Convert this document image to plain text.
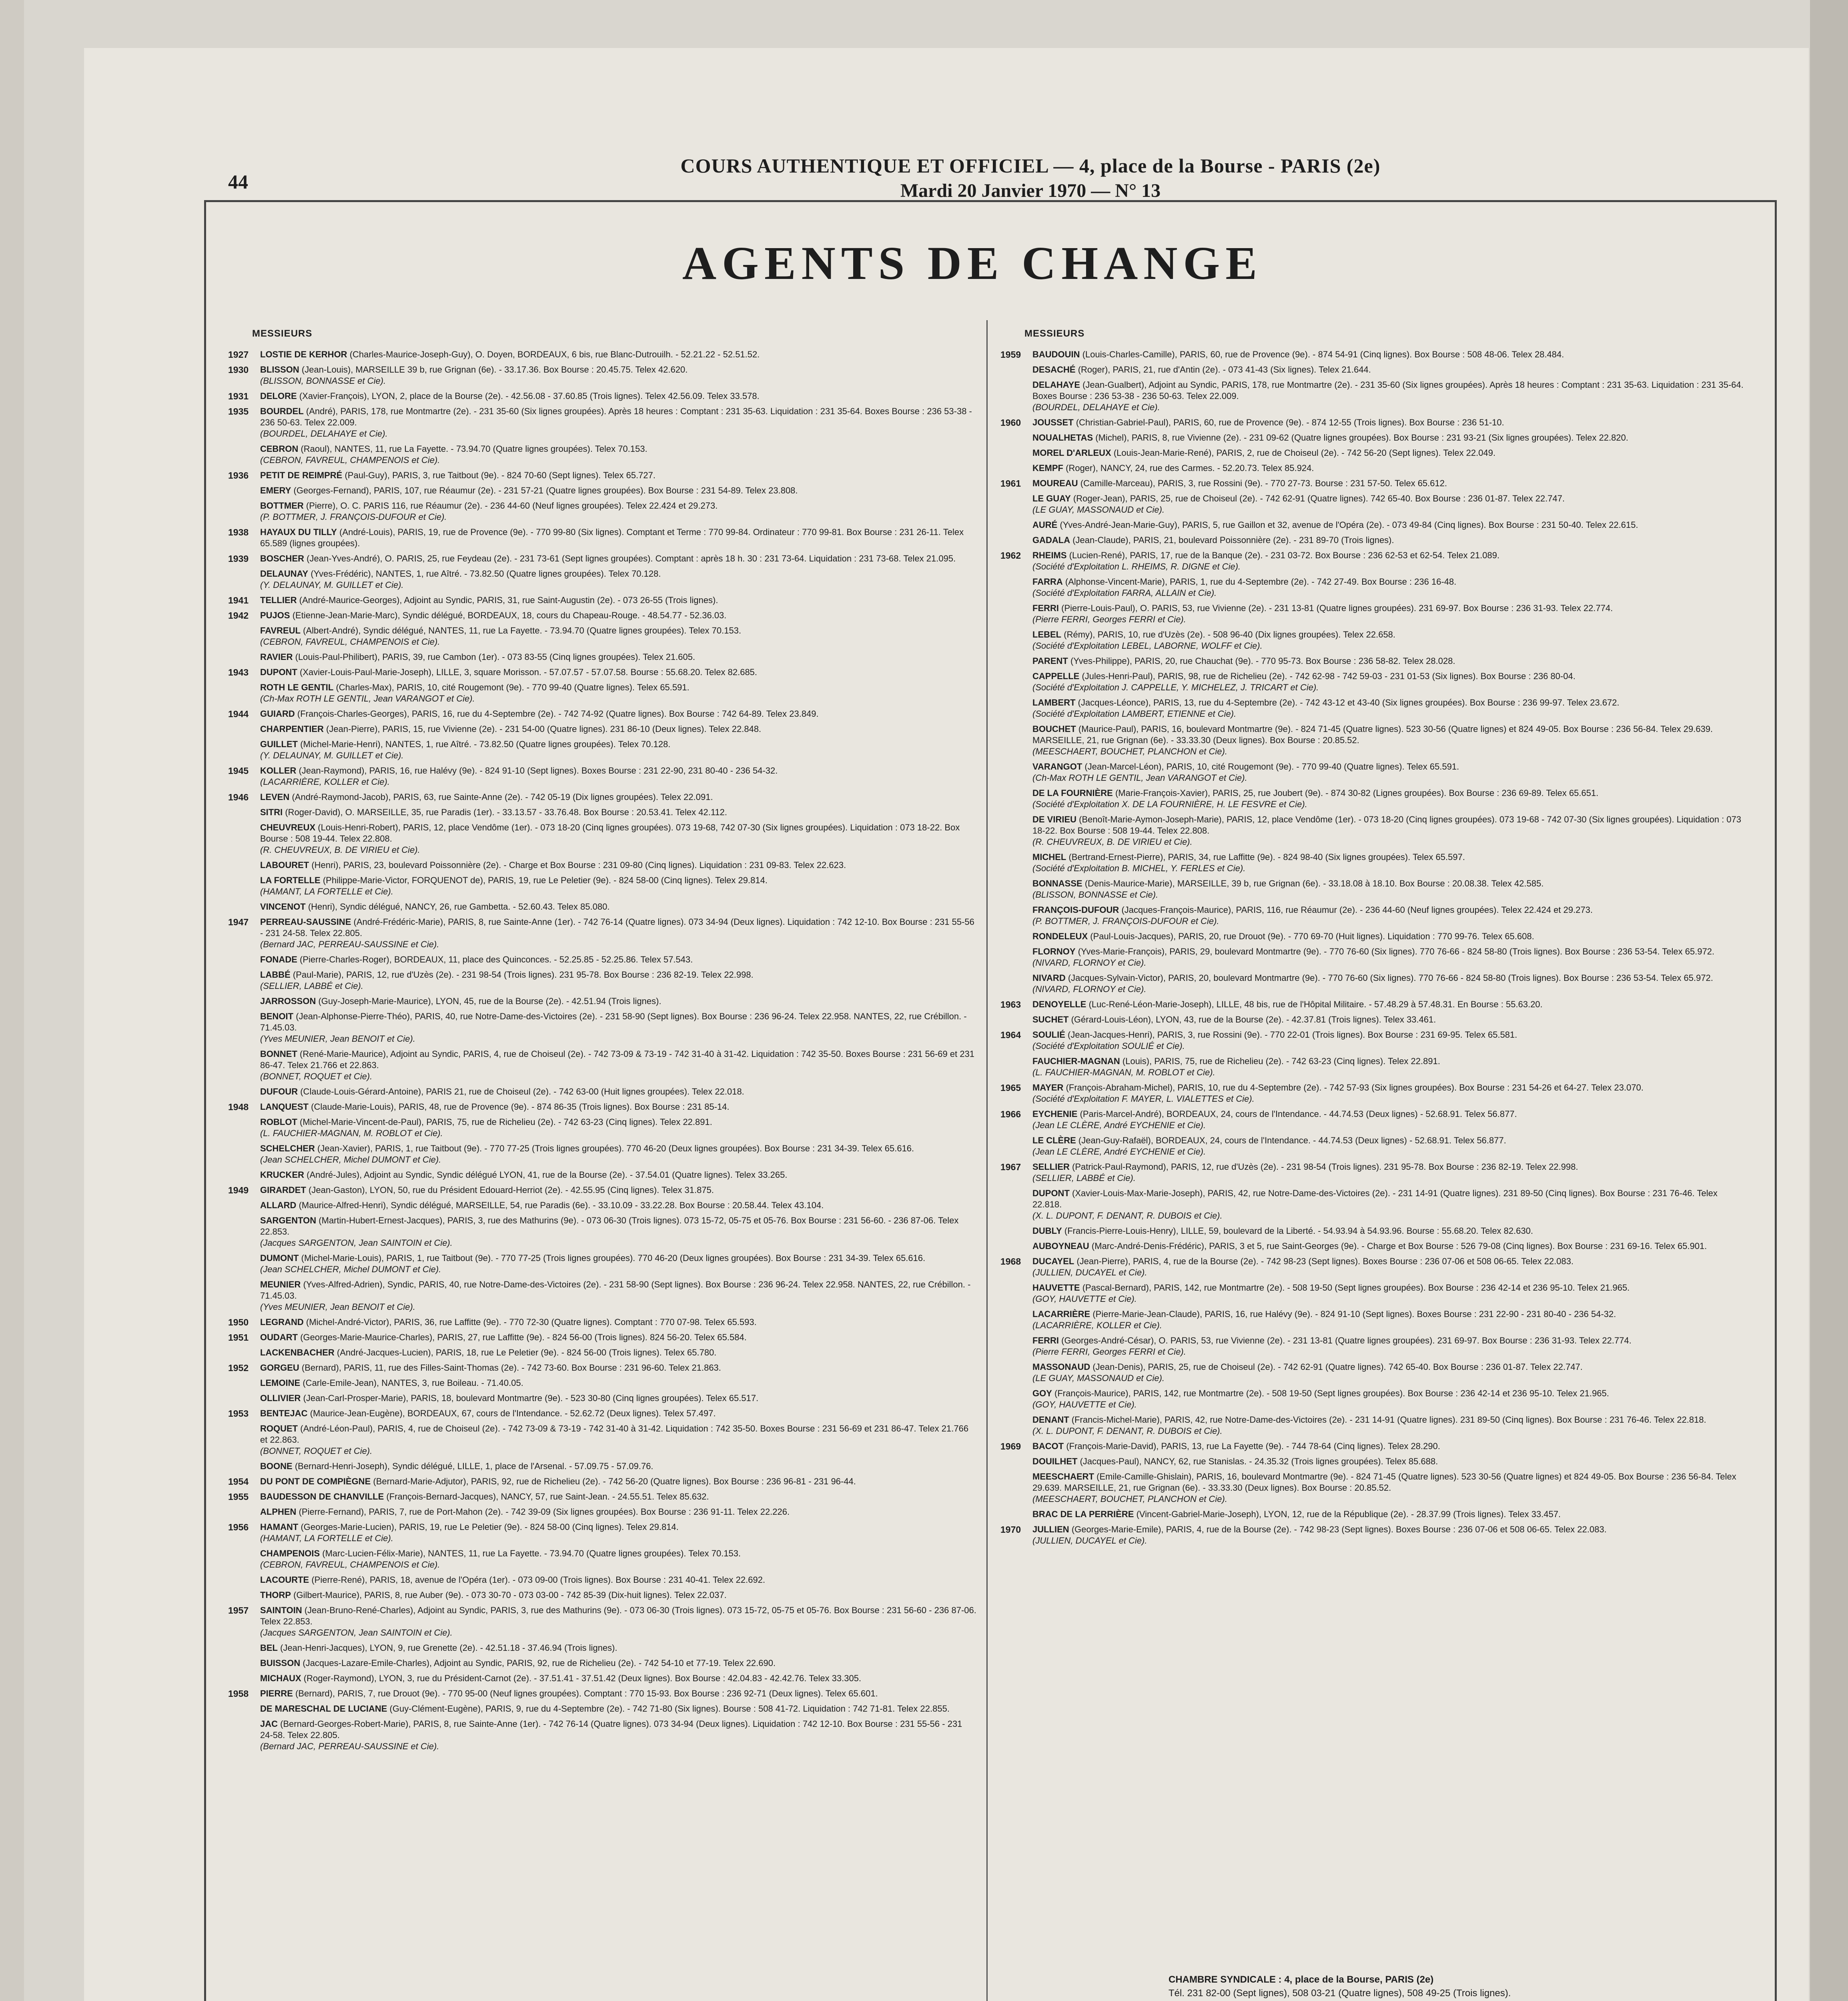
44
COURS AUTHENTIQUE ET OFFICIEL — 4, place de la Bourse - PARIS (2e)
Mardi 20 Janvier 1970 — N° 13
AGENTS DE CHANGE
MESSIEURS
1927	LOSTIE DE KERHOR (Charles-Maurice-Joseph-Guy), O. Doyen, BORDEAUX, 6 bis, rue Blanc-Dutrouilh. - 52.21.22 - 52.51.52.
1930	BLISSON (Jean-Louis), MARSEILLE 39 b, rue Grignan (6e). - 33.17.36. Box Bourse : 20.45.75. Telex 42.620.
(BLISSON, BONNASSE et Cie).
1931	DELORE (Xavier-François), LYON, 2, place de la Bourse (2e). - 42.56.08 - 37.60.85 (Trois lignes). Telex 42.56.09. Telex 33.578.
1935	BOURDEL (André), PARIS, 178, rue Montmartre (2e). - 231 35-60 (Six lignes groupées). Après 18 heures : Comptant : 231 35-63. Liquidation : 231 35-64. Boxes Bourse : 236 53-38 - 236 50-63. Telex 22.009.
(BOURDEL, DELAHAYE et Cie).
CEBRON (Raoul), NANTES, 11, rue La Fayette. - 73.94.70 (Quatre lignes groupées). Telex 70.153.
(CEBRON, FAVREUL, CHAMPENOIS et Cie).
1936	PETIT DE REIMPRÉ (Paul-Guy), PARIS, 3, rue Taitbout (9e). - 824 70-60 (Sept lignes). Telex 65.727.
EMERY (Georges-Fernand), PARIS, 107, rue Réaumur (2e). - 231 57-21 (Quatre lignes groupées). Box Bourse : 231 54-89. Telex 23.808.
BOTTMER (Pierre), O. C. PARIS 116, rue Réaumur (2e). - 236 44-60 (Neuf lignes groupées). Telex 22.424 et 29.273.
(P. BOTTMER, J. FRANÇOIS-DUFOUR et Cie).
1938	HAYAUX DU TILLY (André-Louis), PARIS, 19, rue de Provence (9e). - 770 99-80 (Six lignes). Comptant et Terme : 770 99-84. Ordinateur : 770 99-81. Box Bourse : 231 26-11. Telex 65.589 (lignes groupées).
1939	BOSCHER (Jean-Yves-André), O. PARIS, 25, rue Feydeau (2e). - 231 73-61 (Sept lignes groupées). Comptant : après 18 h. 30 : 231 73-64. Liquidation : 231 73-68. Telex 21.095.
DELAUNAY (Yves-Frédéric), NANTES, 1, rue Aîtré. - 73.82.50 (Quatre lignes groupées). Telex 70.128.
(Y. DELAUNAY, M. GUILLET et Cie).
1941	TELLIER (André-Maurice-Georges), Adjoint au Syndic, PARIS, 31, rue Saint-Augustin (2e). - 073 26-55 (Trois lignes).
1942	PUJOS (Etienne-Jean-Marie-Marc), Syndic délégué, BORDEAUX, 18, cours du Chapeau-Rouge. - 48.54.77 - 52.36.03.
FAVREUL (Albert-André), Syndic délégué, NANTES, 11, rue La Fayette. - 73.94.70 (Quatre lignes groupées). Telex 70.153.
(CEBRON, FAVREUL, CHAMPENOIS et Cie).
RAVIER (Louis-Paul-Philibert), PARIS, 39, rue Cambon (1er). - 073 83-55 (Cinq lignes groupées). Telex 21.605.
1943	DUPONT (Xavier-Louis-Paul-Marie-Joseph), LILLE, 3, square Morisson. - 57.07.57 - 57.07.58. Bourse : 55.68.20. Telex 82.685.
ROTH LE GENTIL (Charles-Max), PARIS, 10, cité Rougemont (9e). - 770 99-40 (Quatre lignes). Telex 65.591.
(Ch-Max ROTH LE GENTIL, Jean VARANGOT et Cie).
1944	GUIARD (François-Charles-Georges), PARIS, 16, rue du 4-Septembre (2e). - 742 74-92 (Quatre lignes). Box Bourse : 742 64-89. Telex 23.849.
CHARPENTIER (Jean-Pierre), PARIS, 15, rue Vivienne (2e). - 231 54-00 (Quatre lignes). 231 86-10 (Deux lignes). Telex 22.848.
GUILLET (Michel-Marie-Henri), NANTES, 1, rue Aîtré. - 73.82.50 (Quatre lignes groupées). Telex 70.128.
(Y. DELAUNAY, M. GUILLET et Cie).
1945	KOLLER (Jean-Raymond), PARIS, 16, rue Halévy (9e). - 824 91-10 (Sept lignes). Boxes Bourse : 231 22-90, 231 80-40 - 236 54-32.
(LACARRIÈRE, KOLLER et Cie).
1946	LEVEN (André-Raymond-Jacob), PARIS, 63, rue Sainte-Anne (2e). - 742 05-19 (Dix lignes groupées). Telex 22.091.
SITRI (Roger-David), O. MARSEILLE, 35, rue Paradis (1er). - 33.13.57 - 33.76.48. Box Bourse : 20.53.41. Telex 42.112.
CHEUVREUX (Louis-Henri-Robert), PARIS, 12, place Vendôme (1er). - 073 18-20 (Cinq lignes groupées). 073 19-68, 742 07-30 (Six lignes groupées). Liquidation : 073 18-22. Box Bourse : 508 19-44. Telex 22.808.
(R. CHEUVREUX, B. DE VIRIEU et Cie).
LABOURET (Henri), PARIS, 23, boulevard Poissonnière (2e). - Charge et Box Bourse : 231 09-80 (Cinq lignes). Liquidation : 231 09-83. Telex 22.623.
LA FORTELLE (Philippe-Marie-Victor, FORQUENOT de), PARIS, 19, rue Le Peletier (9e). - 824 58-00 (Cinq lignes). Telex 29.814.
(HAMANT, LA FORTELLE et Cie).
VINCENOT (Henri), Syndic délégué, NANCY, 26, rue Gambetta. - 52.60.43. Telex 85.080.
1947	PERREAU-SAUSSINE (André-Frédéric-Marie), PARIS, 8, rue Sainte-Anne (1er). - 742 76-14 (Quatre lignes). 073 34-94 (Deux lignes). Liquidation : 742 12-10. Box Bourse : 231 55-56 - 231 24-58. Telex 22.805.
(Bernard JAC, PERREAU-SAUSSINE et Cie).
FONADE (Pierre-Charles-Roger), BORDEAUX, 11, place des Quinconces. - 52.25.85 - 52.25.86. Telex 57.543.
LABBÉ (Paul-Marie), PARIS, 12, rue d'Uzès (2e). - 231 98-54 (Trois lignes). 231 95-78. Box Bourse : 236 82-19. Telex 22.998.
(SELLIER, LABBÉ et Cie).
JARROSSON (Guy-Joseph-Marie-Maurice), LYON, 45, rue de la Bourse (2e). - 42.51.94 (Trois lignes).
BENOIT (Jean-Alphonse-Pierre-Théo), PARIS, 40, rue Notre-Dame-des-Victoires (2e). - 231 58-90 (Sept lignes). Box Bourse : 236 96-24. Telex 22.958. NANTES, 22, rue Crébillon. - 71.45.03.
(Yves MEUNIER, Jean BENOIT et Cie).
BONNET (René-Marie-Maurice), Adjoint au Syndic, PARIS, 4, rue de Choiseul (2e). - 742 73-09 & 73-19 - 742 31-40 à 31-42. Liquidation : 742 35-50. Boxes Bourse : 231 56-69 et 231 86-47. Telex 21.766 et 22.863.
(BONNET, ROQUET et Cie).
DUFOUR (Claude-Louis-Gérard-Antoine), PARIS 21, rue de Choiseul (2e). - 742 63-00 (Huit lignes groupées). Telex 22.018.
1948	LANQUEST (Claude-Marie-Louis), PARIS, 48, rue de Provence (9e). - 874 86-35 (Trois lignes). Box Bourse : 231 85-14.
ROBLOT (Michel-Marie-Vincent-de-Paul), PARIS, 75, rue de Richelieu (2e). - 742 63-23 (Cinq lignes). Telex 22.891.
(L. FAUCHIER-MAGNAN, M. ROBLOT et Cie).
SCHELCHER (Jean-Xavier), PARIS, 1, rue Taitbout (9e). - 770 77-25 (Trois lignes groupées). 770 46-20 (Deux lignes groupées). Box Bourse : 231 34-39. Telex 65.616.
(Jean SCHELCHER, Michel DUMONT et Cie).
KRUCKER (André-Jules), Adjoint au Syndic, Syndic délégué LYON, 41, rue de la Bourse (2e). - 37.54.01 (Quatre lignes). Telex 33.265.
1949	GIRARDET (Jean-Gaston), LYON, 50, rue du Président Edouard-Herriot (2e). - 42.55.95 (Cinq lignes). Telex 31.875.
ALLARD (Maurice-Alfred-Henri), Syndic délégué, MARSEILLE, 54, rue Paradis (6e). - 33.10.09 - 33.22.28. Box Bourse : 20.58.44. Telex 43.104.
SARGENTON (Martin-Hubert-Ernest-Jacques), PARIS, 3, rue des Mathurins (9e). - 073 06-30 (Trois lignes). 073 15-72, 05-75 et 05-76. Box Bourse : 231 56-60. - 236 87-06. Telex 22.853.
(Jacques SARGENTON, Jean SAINTOIN et Cie).
DUMONT (Michel-Marie-Louis), PARIS, 1, rue Taitbout (9e). - 770 77-25 (Trois lignes groupées). 770 46-20 (Deux lignes groupées). Box Bourse : 231 34-39. Telex 65.616.
(Jean SCHELCHER, Michel DUMONT et Cie).
MEUNIER (Yves-Alfred-Adrien), Syndic, PARIS, 40, rue Notre-Dame-des-Victoires (2e). - 231 58-90 (Sept lignes). Box Bourse : 236 96-24. Telex 22.958. NANTES, 22, rue Crébillon. - 71.45.03.
(Yves MEUNIER, Jean BENOIT et Cie).
1950	LEGRAND (Michel-André-Victor), PARIS, 36, rue Laffitte (9e). - 770 72-30 (Quatre lignes). Comptant : 770 07-98. Telex 65.593.
1951	OUDART (Georges-Marie-Maurice-Charles), PARIS, 27, rue Laffitte (9e). - 824 56-00 (Trois lignes). 824 56-20. Telex 65.584.
LACKENBACHER (André-Jacques-Lucien), PARIS, 18, rue Le Peletier (9e). - 824 56-00 (Trois lignes). Telex 65.780.
1952	GORGEU (Bernard), PARIS, 11, rue des Filles-Saint-Thomas (2e). - 742 73-60. Box Bourse : 231 96-60. Telex 21.863.
LEMOINE (Carle-Emile-Jean), NANTES, 3, rue Boileau. - 71.40.05.
OLLIVIER (Jean-Carl-Prosper-Marie), PARIS, 18, boulevard Montmartre (9e). - 523 30-80 (Cinq lignes groupées). Telex 65.517.
1953	BENTEJAC (Maurice-Jean-Eugène), BORDEAUX, 67, cours de l'Intendance. - 52.62.72 (Deux lignes). Telex 57.497.
ROQUET (André-Léon-Paul), PARIS, 4, rue de Choiseul (2e). - 742 73-09 & 73-19 - 742 31-40 à 31-42. Liquidation : 742 35-50. Boxes Bourse : 231 56-69 et 231 86-47. Telex 21.766 et 22.863.
(BONNET, ROQUET et Cie).
BOONE (Bernard-Henri-Joseph), Syndic délégué, LILLE, 1, place de l'Arsenal. - 57.09.75 - 57.09.76.
1954	DU PONT DE COMPIÈGNE (Bernard-Marie-Adjutor), PARIS, 92, rue de Richelieu (2e). - 742 56-20 (Quatre lignes). Box Bourse : 236 96-81 - 231 96-44.
1955	BAUDESSON DE CHANVILLE (François-Bernard-Jacques), NANCY, 57, rue Saint-Jean. - 24.55.51. Telex 85.632.
ALPHEN (Pierre-Fernand), PARIS, 7, rue de Port-Mahon (2e). - 742 39-09 (Six lignes groupées). Box Bourse : 236 91-11. Telex 22.226.
1956	HAMANT (Georges-Marie-Lucien), PARIS, 19, rue Le Peletier (9e). - 824 58-00 (Cinq lignes). Telex 29.814.
(HAMANT, LA FORTELLE et Cie).
CHAMPENOIS (Marc-Lucien-Félix-Marie), NANTES, 11, rue La Fayette. - 73.94.70 (Quatre lignes groupées). Telex 70.153.
(CEBRON, FAVREUL, CHAMPENOIS et Cie).
LACOURTE (Pierre-René), PARIS, 18, avenue de l'Opéra (1er). - 073 09-00 (Trois lignes). Box Bourse : 231 40-41. Telex 22.692.
THORP (Gilbert-Maurice), PARIS, 8, rue Auber (9e). - 073 30-70 - 073 03-00 - 742 85-39 (Dix-huit lignes). Telex 22.037.
1957	SAINTOIN (Jean-Bruno-René-Charles), Adjoint au Syndic, PARIS, 3, rue des Mathurins (9e). - 073 06-30 (Trois lignes). 073 15-72, 05-75 et 05-76. Box Bourse : 231 56-60 - 236 87-06. Telex 22.853.
(Jacques SARGENTON, Jean SAINTOIN et Cie).
BEL (Jean-Henri-Jacques), LYON, 9, rue Grenette (2e). - 42.51.18 - 37.46.94 (Trois lignes).
BUISSON (Jacques-Lazare-Emile-Charles), Adjoint au Syndic, PARIS, 92, rue de Richelieu (2e). - 742 54-10 et 77-19. Telex 22.690.
MICHAUX (Roger-Raymond), LYON, 3, rue du Président-Carnot (2e). - 37.51.41 - 37.51.42 (Deux lignes). Box Bourse : 42.04.83 - 42.42.76. Telex 33.305.
1958	PIERRE (Bernard), PARIS, 7, rue Drouot (9e). - 770 95-00 (Neuf lignes groupées). Comptant : 770 15-93. Box Bourse : 236 92-71 (Deux lignes). Telex 65.601.
DE MARESCHAL DE LUCIANE (Guy-Clément-Eugène), PARIS, 9, rue du 4-Septembre (2e). - 742 71-80 (Six lignes). Bourse : 508 41-72. Liquidation : 742 71-81. Telex 22.855.
JAC (Bernard-Georges-Robert-Marie), PARIS, 8, rue Sainte-Anne (1er). - 742 76-14 (Quatre lignes). 073 34-94 (Deux lignes). Liquidation : 742 12-10. Box Bourse : 231 55-56 - 231 24-58. Telex 22.805.
(Bernard JAC, PERREAU-SAUSSINE et Cie).
MESSIEURS
1959	BAUDOUIN (Louis-Charles-Camille), PARIS, 60, rue de Provence (9e). - 874 54-91 (Cinq lignes). Box Bourse : 508 48-06. Telex 28.484.
DESACHÉ (Roger), PARIS, 21, rue d'Antin (2e). - 073 41-43 (Six lignes). Telex 21.644.
DELAHAYE (Jean-Gualbert), Adjoint au Syndic, PARIS, 178, rue Montmartre (2e). - 231 35-60 (Six lignes groupées). Après 18 heures : Comptant : 231 35-63. Liquidation : 231 35-64. Boxes Bourse : 236 53-38 - 236 50-63. Telex 22.009.
(BOURDEL, DELAHAYE et Cie).
1960	JOUSSET (Christian-Gabriel-Paul), PARIS, 60, rue de Provence (9e). - 874 12-55 (Trois lignes). Box Bourse : 236 51-10.
NOUALHETAS (Michel), PARIS, 8, rue Vivienne (2e). - 231 09-62 (Quatre lignes groupées). Box Bourse : 231 93-21 (Six lignes groupées). Telex 22.820.
MOREL D'ARLEUX (Louis-Jean-Marie-René), PARIS, 2, rue de Choiseul (2e). - 742 56-20 (Sept lignes). Telex 22.049.
KEMPF (Roger), NANCY, 24, rue des Carmes. - 52.20.73. Telex 85.924.
1961	MOUREAU (Camille-Marceau), PARIS, 3, rue Rossini (9e). - 770 27-73. Bourse : 231 57-50. Telex 65.612.
LE GUAY (Roger-Jean), PARIS, 25, rue de Choiseul (2e). - 742 62-91 (Quatre lignes). 742 65-40. Box Bourse : 236 01-87. Telex 22.747.
(LE GUAY, MASSONAUD et Cie).
AURÉ (Yves-André-Jean-Marie-Guy), PARIS, 5, rue Gaillon et 32, avenue de l'Opéra (2e). - 073 49-84 (Cinq lignes). Box Bourse : 231 50-40. Telex 22.615.
GADALA (Jean-Claude), PARIS, 21, boulevard Poissonnière (2e). - 231 89-70 (Trois lignes).
1962	RHEIMS (Lucien-René), PARIS, 17, rue de la Banque (2e). - 231 03-72. Box Bourse : 236 62-53 et 62-54. Telex 21.089.
(Société d'Exploitation L. RHEIMS, R. DIGNE et Cie).
FARRA (Alphonse-Vincent-Marie), PARIS, 1, rue du 4-Septembre (2e). - 742 27-49. Box Bourse : 236 16-48.
(Société d'Exploitation FARRA, ALLAIN et Cie).
FERRI (Pierre-Louis-Paul), O. PARIS, 53, rue Vivienne (2e). - 231 13-81 (Quatre lignes groupées). 231 69-97. Box Bourse : 236 31-93. Telex 22.774.
(Pierre FERRI, Georges FERRI et Cie).
LEBEL (Rémy), PARIS, 10, rue d'Uzès (2e). - 508 96-40 (Dix lignes groupées). Telex 22.658.
(Société d'Exploitation LEBEL, LABORNE, WOLFF et Cie).
PARENT (Yves-Philippe), PARIS, 20, rue Chauchat (9e). - 770 95-73. Box Bourse : 236 58-82. Telex 28.028.
CAPPELLE (Jules-Henri-Paul), PARIS, 98, rue de Richelieu (2e). - 742 62-98 - 742 59-03 - 231 01-53 (Six lignes). Box Bourse : 236 80-04.
(Société d'Exploitation J. CAPPELLE, Y. MICHELEZ, J. TRICART et Cie).
LAMBERT (Jacques-Léonce), PARIS, 13, rue du 4-Septembre (2e). - 742 43-12 et 43-40 (Six lignes groupées). Box Bourse : 236 99-97. Telex 23.672.
(Société d'Exploitation LAMBERT, ETIENNE et Cie).
BOUCHET (Maurice-Paul), PARIS, 16, boulevard Montmartre (9e). - 824 71-45 (Quatre lignes). 523 30-56 (Quatre lignes) et 824 49-05. Box Bourse : 236 56-84. Telex 29.639. MARSEILLE, 21, rue Grignan (6e). - 33.33.30 (Deux lignes). Box Bourse : 20.85.52.
(MEESCHAERT, BOUCHET, PLANCHON et Cie).
VARANGOT (Jean-Marcel-Léon), PARIS, 10, cité Rougemont (9e). - 770 99-40 (Quatre lignes). Telex 65.591.
(Ch-Max ROTH LE GENTIL, Jean VARANGOT et Cie).
DE LA FOURNIÈRE (Marie-François-Xavier), PARIS, 25, rue Joubert (9e). - 874 30-82 (Lignes groupées). Box Bourse : 236 69-89. Telex 65.651.
(Société d'Exploitation X. DE LA FOURNIÈRE, H. LE FESVRE et Cie).
DE VIRIEU (Benoît-Marie-Aymon-Joseph-Marie), PARIS, 12, place Vendôme (1er). - 073 18-20 (Cinq lignes groupées). 073 19-68 - 742 07-30 (Six lignes groupées). Liquidation : 073 18-22. Box Bourse : 508 19-44. Telex 22.808.
(R. CHEUVREUX, B. DE VIRIEU et Cie).
MICHEL (Bertrand-Ernest-Pierre), PARIS, 34, rue Laffitte (9e). - 824 98-40 (Six lignes groupées). Telex 65.597.
(Société d'Exploitation B. MICHEL, Y. FERLES et Cie).
BONNASSE (Denis-Maurice-Marie), MARSEILLE, 39 b, rue Grignan (6e). - 33.18.08 à 18.10. Box Bourse : 20.08.38. Telex 42.585.
(BLISSON, BONNASSE et Cie).
FRANÇOIS-DUFOUR (Jacques-François-Maurice), PARIS, 116, rue Réaumur (2e). - 236 44-60 (Neuf lignes groupées). Telex 22.424 et 29.273.
(P. BOTTMER, J. FRANÇOIS-DUFOUR et Cie).
RONDELEUX (Paul-Louis-Jacques), PARIS, 20, rue Drouot (9e). - 770 69-70 (Huit lignes). Liquidation : 770 99-76. Telex 65.608.
FLORNOY (Yves-Marie-François), PARIS, 29, boulevard Montmartre (9e). - 770 76-60 (Six lignes). 770 76-66 - 824 58-80 (Trois lignes). Box Bourse : 236 53-54. Telex 65.972.
(NIVARD, FLORNOY et Cie).
NIVARD (Jacques-Sylvain-Victor), PARIS, 20, boulevard Montmartre (9e). - 770 76-60 (Six lignes). 770 76-66 - 824 58-80 (Trois lignes). Box Bourse : 236 53-54. Telex 65.972.
(NIVARD, FLORNOY et Cie).
1963	DENOYELLE (Luc-René-Léon-Marie-Joseph), LILLE, 48 bis, rue de l'Hôpital Militaire. - 57.48.29 à 57.48.31. En Bourse : 55.63.20.
SUCHET (Gérard-Louis-Léon), LYON, 43, rue de la Bourse (2e). - 42.37.81 (Trois lignes). Telex 33.461.
1964	SOULIÉ (Jean-Jacques-Henri), PARIS, 3, rue Rossini (9e). - 770 22-01 (Trois lignes). Box Bourse : 231 69-95. Telex 65.581.
(Société d'Exploitation SOULIÉ et Cie).
FAUCHIER-MAGNAN (Louis), PARIS, 75, rue de Richelieu (2e). - 742 63-23 (Cinq lignes). Telex 22.891.
(L. FAUCHIER-MAGNAN, M. ROBLOT et Cie).
1965	MAYER (François-Abraham-Michel), PARIS, 10, rue du 4-Septembre (2e). - 742 57-93 (Six lignes groupées). Box Bourse : 231 54-26 et 64-27. Telex 23.070.
(Société d'Exploitation F. MAYER, L. VIALETTES et Cie).
1966	EYCHENIE (Paris-Marcel-André), BORDEAUX, 24, cours de l'Intendance. - 44.74.53 (Deux lignes) - 52.68.91. Telex 56.877.
(Jean LE CLÈRE, André EYCHENIE et Cie).
LE CLÈRE (Jean-Guy-Rafaël), BORDEAUX, 24, cours de l'Intendance. - 44.74.53 (Deux lignes) - 52.68.91. Telex 56.877.
(Jean LE CLÈRE, André EYCHENIE et Cie).
1967	SELLIER (Patrick-Paul-Raymond), PARIS, 12, rue d'Uzès (2e). - 231 98-54 (Trois lignes). 231 95-78. Box Bourse : 236 82-19. Telex 22.998.
(SELLIER, LABBÉ et Cie).
DUPONT (Xavier-Louis-Max-Marie-Joseph), PARIS, 42, rue Notre-Dame-des-Victoires (2e). - 231 14-91 (Quatre lignes). 231 89-50 (Cinq lignes). Box Bourse : 231 76-46. Telex 22.818.
(X. L. DUPONT, F. DENANT, R. DUBOIS et Cie).
DUBLY (Francis-Pierre-Louis-Henry), LILLE, 59, boulevard de la Liberté. - 54.93.94 à 54.93.96. Bourse : 55.68.20. Telex 82.630.
AUBOYNEAU (Marc-André-Denis-Frédéric), PARIS, 3 et 5, rue Saint-Georges (9e). - Charge et Box Bourse : 526 79-08 (Cinq lignes). Box Bourse : 231 69-16. Telex 65.901.
1968	DUCAYEL (Jean-Pierre), PARIS, 4, rue de la Bourse (2e). - 742 98-23 (Sept lignes). Boxes Bourse : 236 07-06 et 508 06-65. Telex 22.083.
(JULLIEN, DUCAYEL et Cie).
HAUVETTE (Pascal-Bernard), PARIS, 142, rue Montmartre (2e). - 508 19-50 (Sept lignes groupées). Box Bourse : 236 42-14 et 236 95-10. Telex 21.965.
(GOY, HAUVETTE et Cie).
LACARRIÈRE (Pierre-Marie-Jean-Claude), PARIS, 16, rue Halévy (9e). - 824 91-10 (Sept lignes). Boxes Bourse : 231 22-90 - 231 80-40 - 236 54-32.
(LACARRIÈRE, KOLLER et Cie).
FERRI (Georges-André-César), O. PARIS, 53, rue Vivienne (2e). - 231 13-81 (Quatre lignes groupées). 231 69-97. Box Bourse : 236 31-93. Telex 22.774.
(Pierre FERRI, Georges FERRI et Cie).
MASSONAUD (Jean-Denis), PARIS, 25, rue de Choiseul (2e). - 742 62-91 (Quatre lignes). 742 65-40. Box Bourse : 236 01-87. Telex 22.747.
(LE GUAY, MASSONAUD et Cie).
GOY (François-Maurice), PARIS, 142, rue Montmartre (2e). - 508 19-50 (Sept lignes groupées). Box Bourse : 236 42-14 et 236 95-10. Telex 21.965.
(GOY, HAUVETTE et Cie).
DENANT (Francis-Michel-Marie), PARIS, 42, rue Notre-Dame-des-Victoires (2e). - 231 14-91 (Quatre lignes). 231 89-50 (Cinq lignes). Box Bourse : 231 76-46. Telex 22.818.
(X. L. DUPONT, F. DENANT, R. DUBOIS et Cie).
1969	BACOT (François-Marie-David), PARIS, 13, rue La Fayette (9e). - 744 78-64 (Cinq lignes). Telex 28.290.
DOUILHET (Jacques-Paul), NANCY, 62, rue Stanislas. - 24.35.32 (Trois lignes groupées). Telex 85.688.
MEESCHAERT (Emile-Camille-Ghislain), PARIS, 16, boulevard Montmartre (9e). - 824 71-45 (Quatre lignes). 523 30-56 (Quatre lignes) et 824 49-05. Box Bourse : 236 56-84. Telex 29.639. MARSEILLE, 21, rue Grignan (6e). - 33.33.30 (Deux lignes). Box Bourse : 20.85.52.
(MEESCHAERT, BOUCHET, PLANCHON et Cie).
BRAC DE LA PERRIÈRE (Vincent-Gabriel-Marie-Joseph), LYON, 12, rue de la République (2e). - 28.37.99 (Trois lignes). Telex 33.457.
1970	JULLIEN (Georges-Marie-Emile), PARIS, 4, rue de la Bourse (2e). - 742 98-23 (Sept lignes). Boxes Bourse : 236 07-06 et 508 06-65. Telex 22.083.
(JULLIEN, DUCAYEL et Cie).
CHAMBRE SYNDICALE : 4, place de la Bourse, PARIS (2e)
Tél. 231 82-00 (Sept lignes), 508 03-21 (Quatre lignes), 508 49-25 (Trois lignes).
